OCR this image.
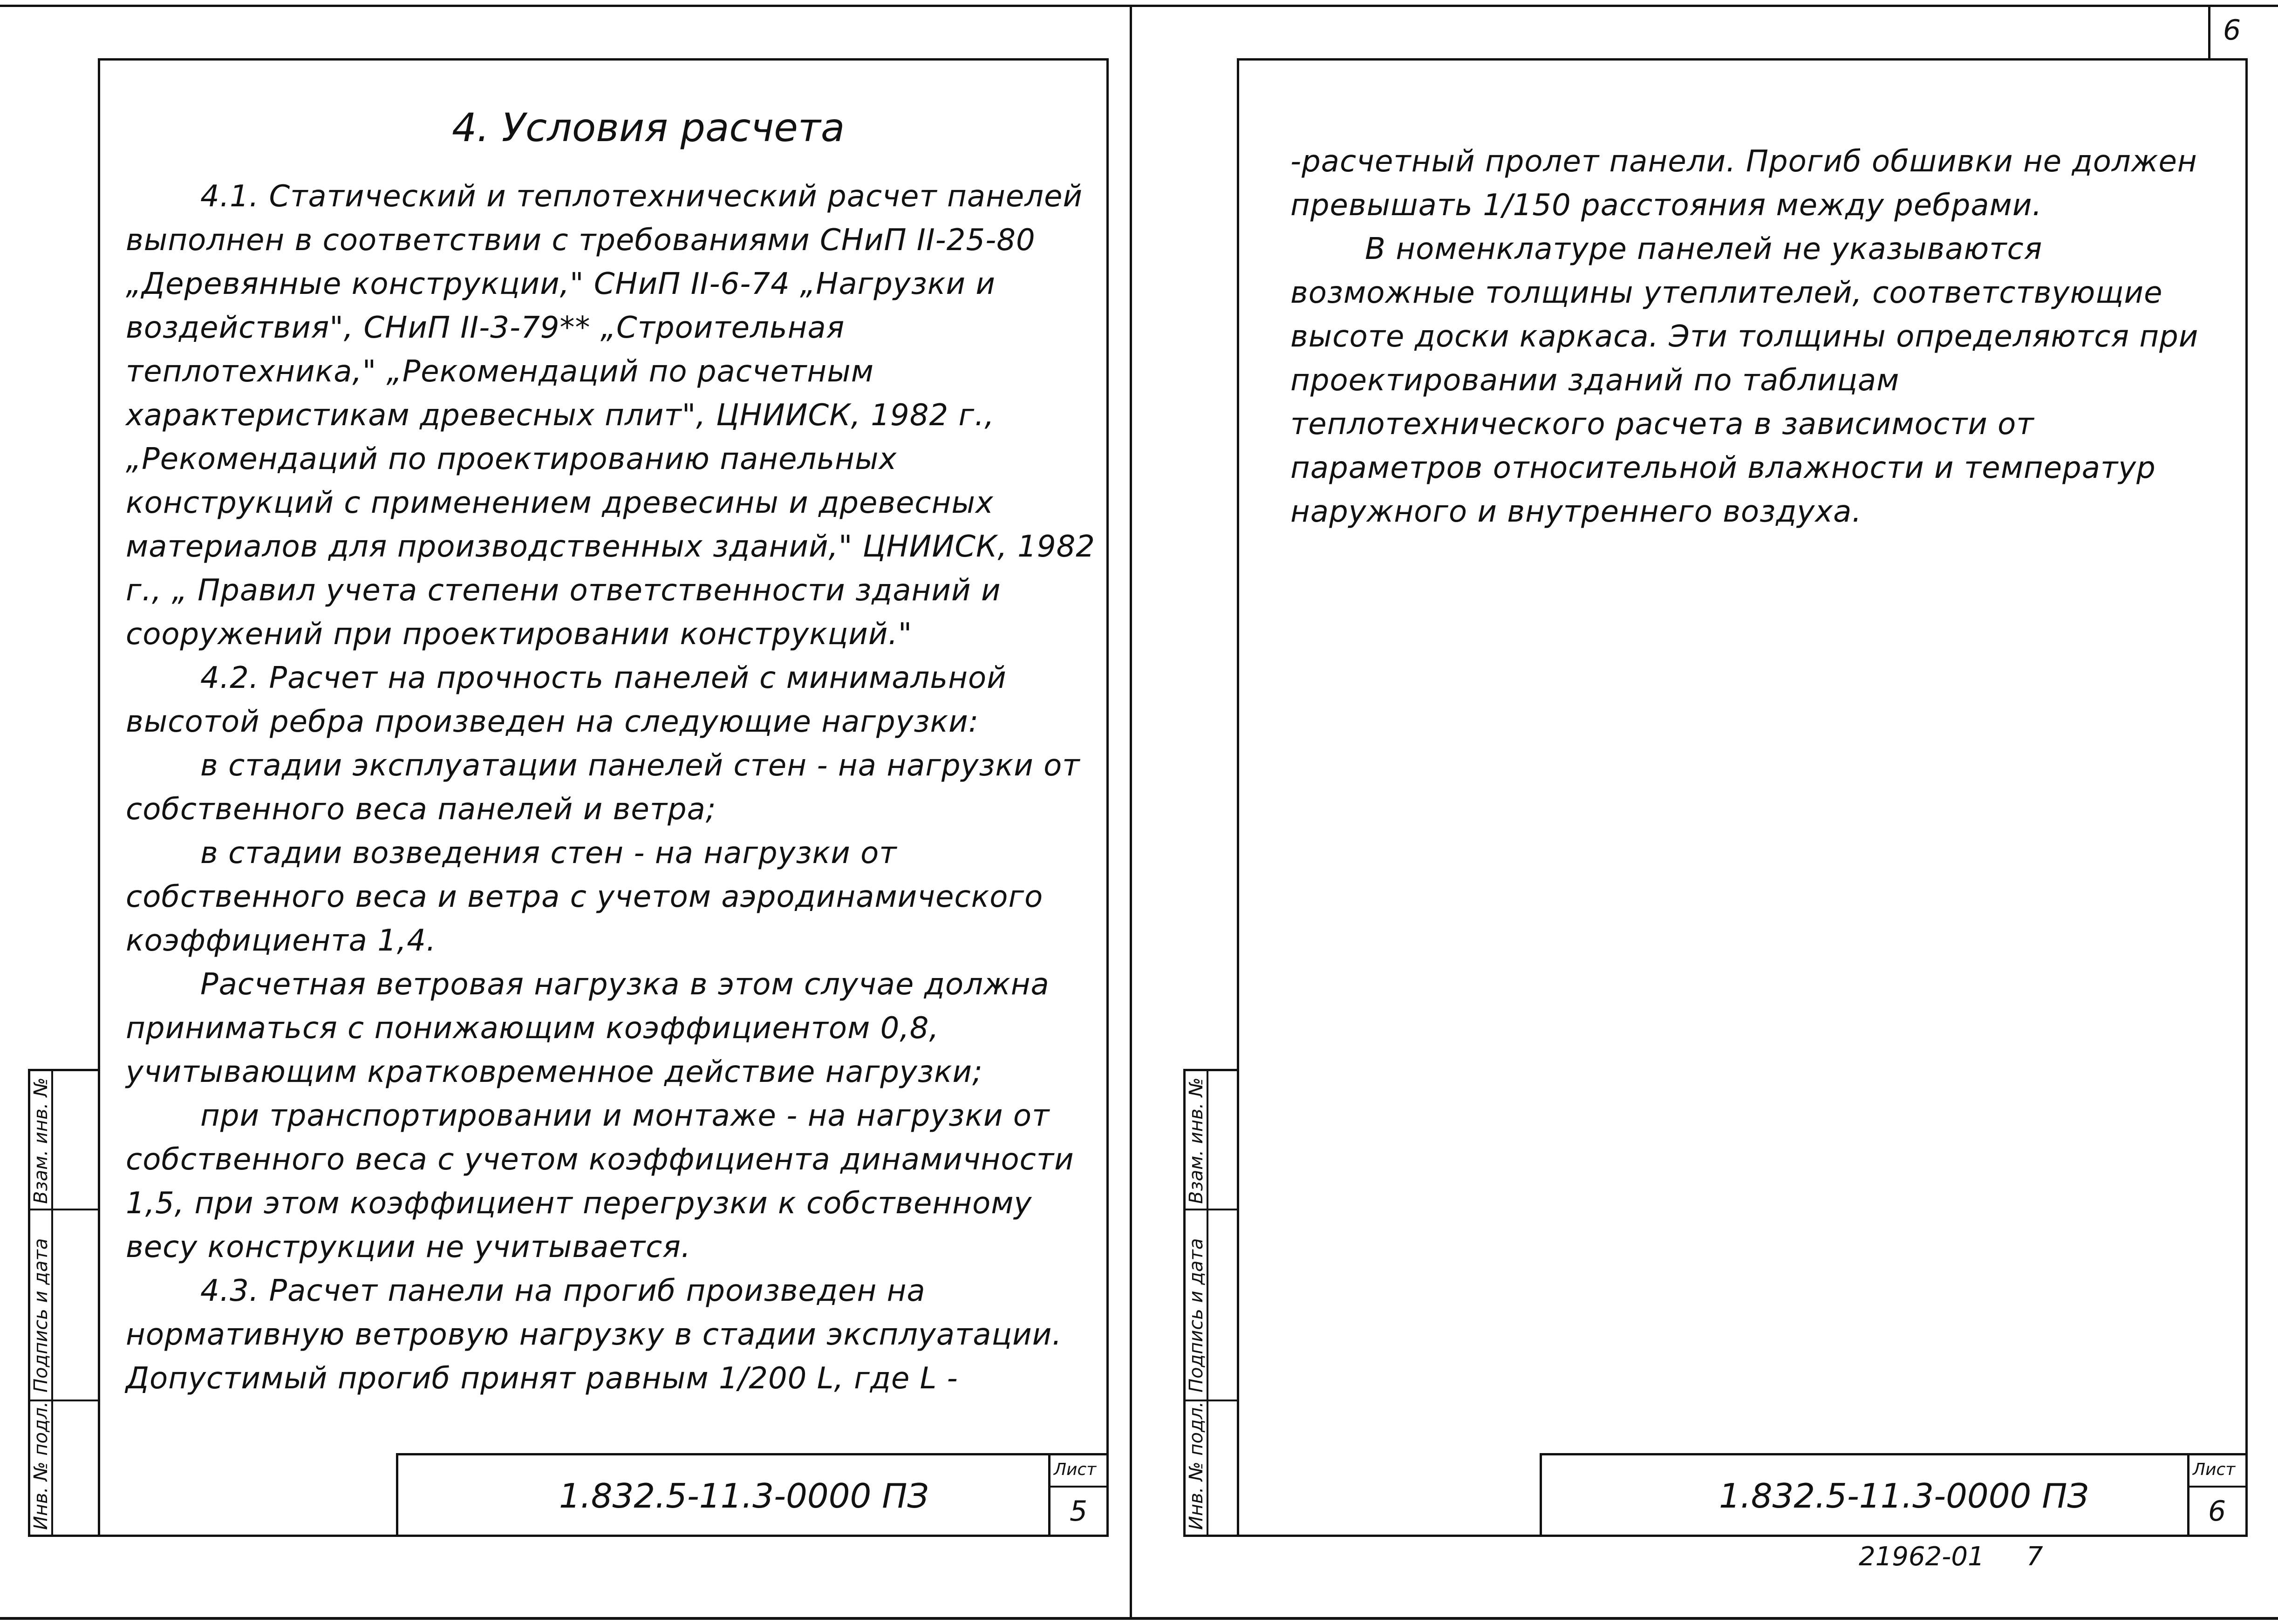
Инв. № подл.
Подпись и дата
Взам. инв. №
4. Условия расчета

4.1. Статический и теплотехнический расчет панелей выполнен в соответствии с требованиями СНиП II-25-80 „Деревянные конструкции," СНиП II-6-74 „Нагрузки и воздействия", СНиП II-3-79** „Строительная теплотехника," „Рекомендаций по расчетным характеристикам древесных плит", ЦНИИСК, 1982 г., „Рекомендаций по проектированию панельных конструкций с применением древесины и древесных материалов для производственных зданий," ЦНИИСК, 1982 г., „ Правил учета степени ответственности зданий и сооружений при проектировании конструкций."

4.2. Расчет на прочность панелей с минимальной высотой ребра произведен на следующие нагрузки:

в стадии эксплуатации панелей стен - на нагрузки от собственного веса панелей и ветра;

в стадии возведения стен - на нагрузки от собственного веса и ветра с учетом аэродинамического коэффициента 1,4.

Расчетная ветровая нагрузка в этом случае должна приниматься с понижающим коэффициентом 0,8, учитывающим кратковременное действие нагрузки;

при транспортировании и монтаже - на нагрузки от собственного веса с учетом коэффициента динамичности 1,5, при этом коэффициент перегрузки к собственному весу конструкции не учитывается.

4.3. Расчет панели на прогиб произведен на нормативную ветровую нагрузку в стадии эксплуатации. Допустимый прогиб принят равным 1/200 L, где L -

1.832.5-11.3-0000 ПЗ
Лист
5
6
Инв. № подл.
Подпись и дата
Взам. инв. №

-расчетный пролет панели. Прогиб обшивки не должен превышать 1/150 расстояния между ребрами.

В номенклатуре панелей не указываются возможные толщины утеплителей, соответствующие высоте доски каркаса. Эти толщины определяются при проектировании зданий по таблицам теплотехнического расчета в зависимости от параметров относительной влажности и температур наружного и внутреннего воздуха.

1.832.5-11.3-0000 ПЗ
Лист
6
21962-01 7
